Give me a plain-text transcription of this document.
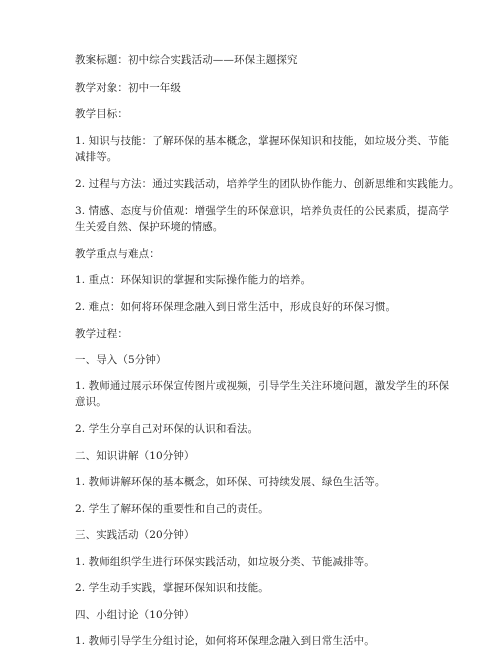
教案标题：初中综合实践活动——环保主题探究
教学对象：初中一年级
教学目标：
1. 知识与技能：了解环保的基本概念，掌握环保知识和技能，如垃圾分类、节能
减排等。
2. 过程与方法：通过实践活动，培养学生的团队协作能力、创新思维和实践能力。
3. 情感、态度与价值观：增强学生的环保意识，培养负责任的公民素质，提高学
生关爱自然、保护环境的情感。
教学重点与难点：
1. 重点：环保知识的掌握和实际操作能力的培养。
2. 难点：如何将环保理念融入到日常生活中，形成良好的环保习惯。
教学过程：
一、导入（5分钟）
1. 教师通过展示环保宣传图片或视频，引导学生关注环境问题，激发学生的环保
意识。
2. 学生分享自己对环保的认识和看法。
二、知识讲解（10分钟）
1. 教师讲解环保的基本概念，如环保、可持续发展、绿色生活等。
2. 学生了解环保的重要性和自己的责任。
三、实践活动（20分钟）
1. 教师组织学生进行环保实践活动，如垃圾分类、节能减排等。
2. 学生动手实践，掌握环保知识和技能。
四、小组讨论（10分钟）
1. 教师引导学生分组讨论，如何将环保理念融入到日常生活中。
